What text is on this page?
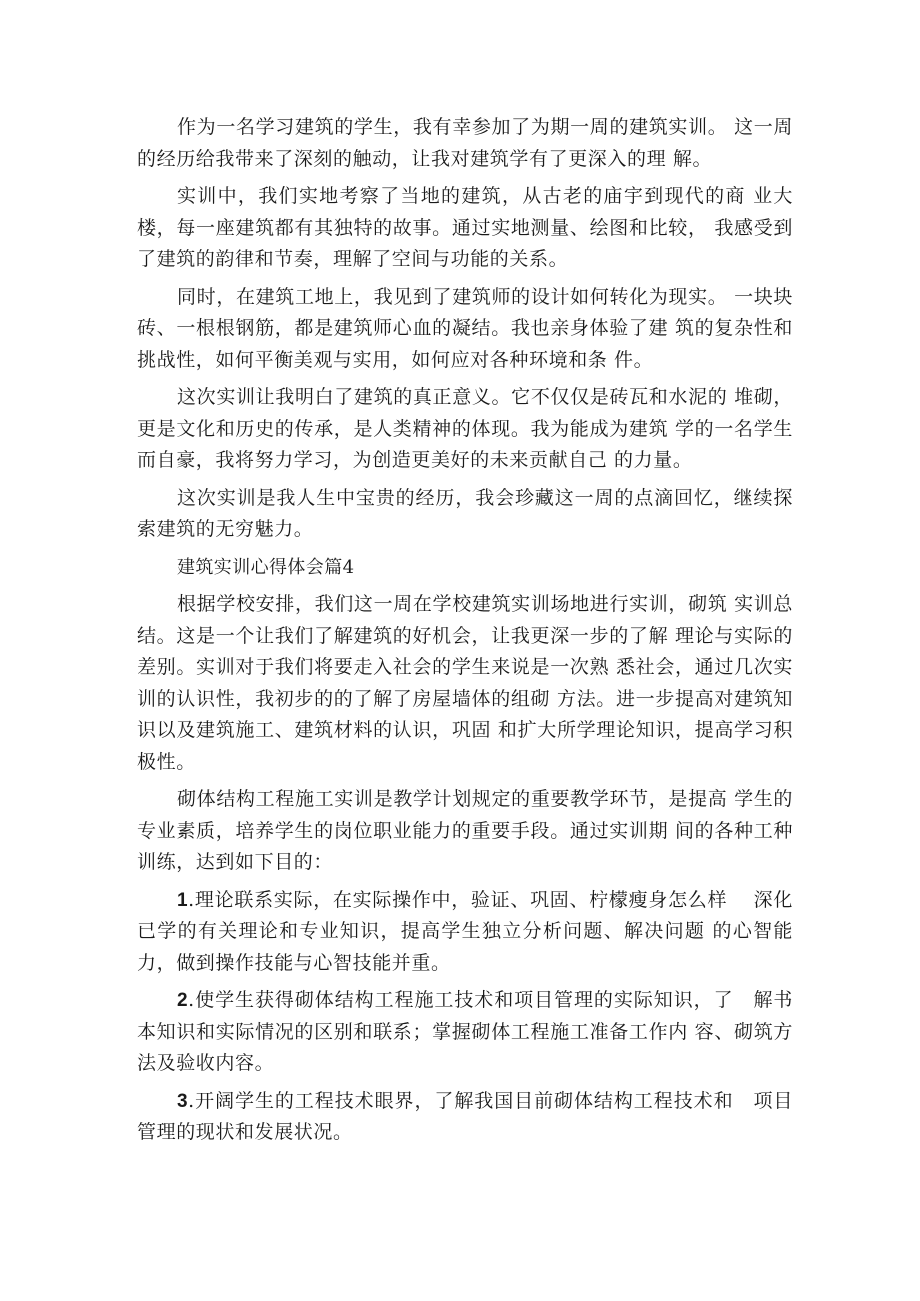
作为一名学习建筑的学生，我有幸参加了为期一周的建筑实训。 这一周的经历给我带来了深刻的触动，让我对建筑学有了更深入的理 解。

实训中，我们实地考察了当地的建筑，从古老的庙宇到现代的商 业大楼，每一座建筑都有其独特的故事。通过实地测量、绘图和比较， 我感受到了建筑的韵律和节奏，理解了空间与功能的关系。

同时，在建筑工地上，我见到了建筑师的设计如何转化为现实。 一块块砖、一根根钢筋，都是建筑师心血的凝结。我也亲身体验了建 筑的复杂性和挑战性，如何平衡美观与实用，如何应对各种环境和条 件。

这次实训让我明白了建筑的真正意义。它不仅仅是砖瓦和水泥的 堆砌，更是文化和历史的传承，是人类精神的体现。我为能成为建筑 学的一名学生而自豪，我将努力学习，为创造更美好的未来贡献自己 的力量。

这次实训是我人生中宝贵的经历，我会珍藏这一周的点滴回忆，继续探索建筑的无穷魅力。

建筑实训心得体会篇4

根据学校安排，我们这一周在学校建筑实训场地进行实训，砌筑 实训总结。这是一个让我们了解建筑的好机会，让我更深一步的了解 理论与实际的差别。实训对于我们将要走入社会的学生来说是一次熟 悉社会，通过几次实训的认识性，我初步的的了解了房屋墙体的组砌 方法。进一步提高对建筑知识以及建筑施工、建筑材料的认识，巩固 和扩大所学理论知识，提高学习积极性。

砌体结构工程施工实训是教学计划规定的重要教学环节，是提高 学生的专业素质，培养学生的岗位职业能力的重要手段。通过实训期 间的各种工种训练，达到如下目的：

1.理论联系实际，在实际操作中，验证、巩固、柠檬瘦身怎么样　 深化已学的有关理论和专业知识，提高学生独立分析问题、解决问题 的心智能力，做到操作技能与心智技能并重。

2.使学生获得砌体结构工程施工技术和项目管理的实际知识，了　解书本知识和实际情况的区别和联系；掌握砌体工程施工准备工作内 容、砌筑方法及验收内容。

3.开阔学生的工程技术眼界，了解我国目前砌体结构工程技术和　项目管理的现状和发展状况。
